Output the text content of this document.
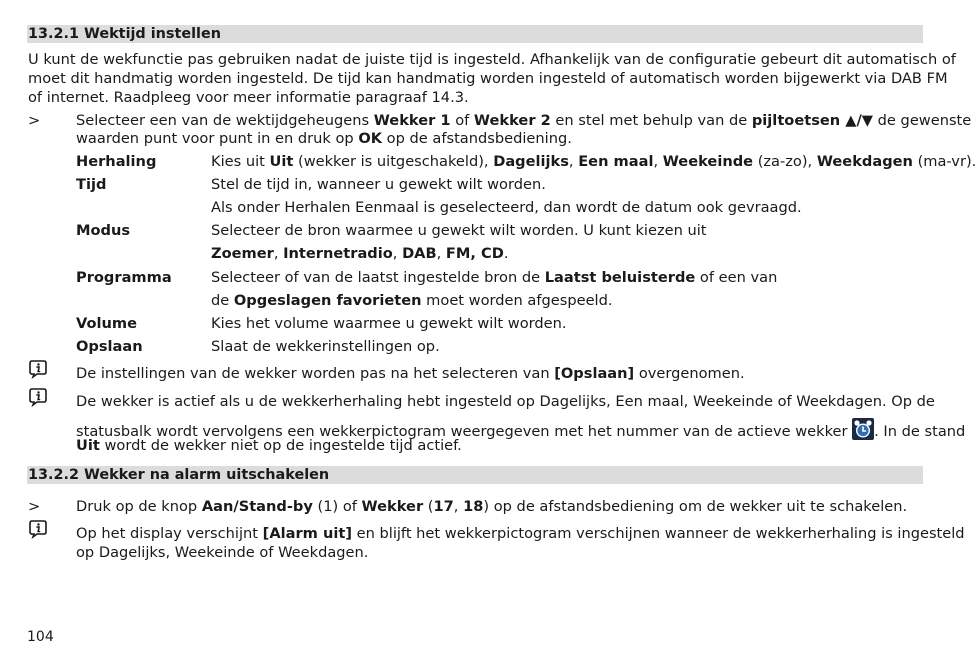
13.2.1 Wektijd instellen
U kunt de wekfunctie pas gebruiken nadat de juiste tijd is ingesteld. Afhankelijk van de configuratie gebeurt dit automatisch of
moet dit handmatig worden ingesteld. De tijd kan handmatig worden ingesteld of automatisch worden bijgewerkt via DAB FM
of internet. Raadpleeg voor meer informatie paragraaf 14.3.
> Selecteer een van de wektijdgeheugens Wekker 1 of Wekker 2 en stel met behulp van de pijltoetsen ▲/▼ de gewenste
waarden punt voor punt in en druk op OK op de afstandsbediening.
Herhaling	Kies uit Uit (wekker is uitgeschakeld), Dagelijks, Een maal, Weekeinde (za-zo), Weekdagen (ma-vr).
Tijd	Stel de tijd in, wanneer u gewekt wilt worden.
Als onder Herhalen Eenmaal is geselecteerd, dan wordt de datum ook gevraagd.
Modus	Selecteer de bron waarmee u gewekt wilt worden. U kunt kiezen uit
Zoemer, Internetradio, DAB, FM, CD.
Programma	Selecteer of van de laatst ingestelde bron de Laatst beluisterde of een van
de Opgeslagen favorieten moet worden afgespeeld.
Volume	Kies het volume waarmee u gewekt wilt worden.
Opslaan	Slaat de wekkerinstellingen op.
De instellingen van de wekker worden pas na het selecteren van [Opslaan] overgenomen.
De wekker is actief als u de wekkerherhaling hebt ingesteld op Dagelijks, Een maal, Weekeinde of Weekdagen. Op de
statusbalk wordt vervolgens een wekkerpictogram weergegeven met het nummer van de actieve wekker . In de stand
Uit wordt de wekker niet op de ingestelde tijd actief.
13.2.2 Wekker na alarm uitschakelen
> Druk op de knop Aan/Stand-by (1) of Wekker (17, 18) op de afstandsbediening om de wekker uit te schakelen.
Op het display verschijnt [Alarm uit] en blijft het wekkerpictogram verschijnen wanneer de wekkerherhaling is ingesteld
op Dagelijks, Weekeinde of Weekdagen.
104
